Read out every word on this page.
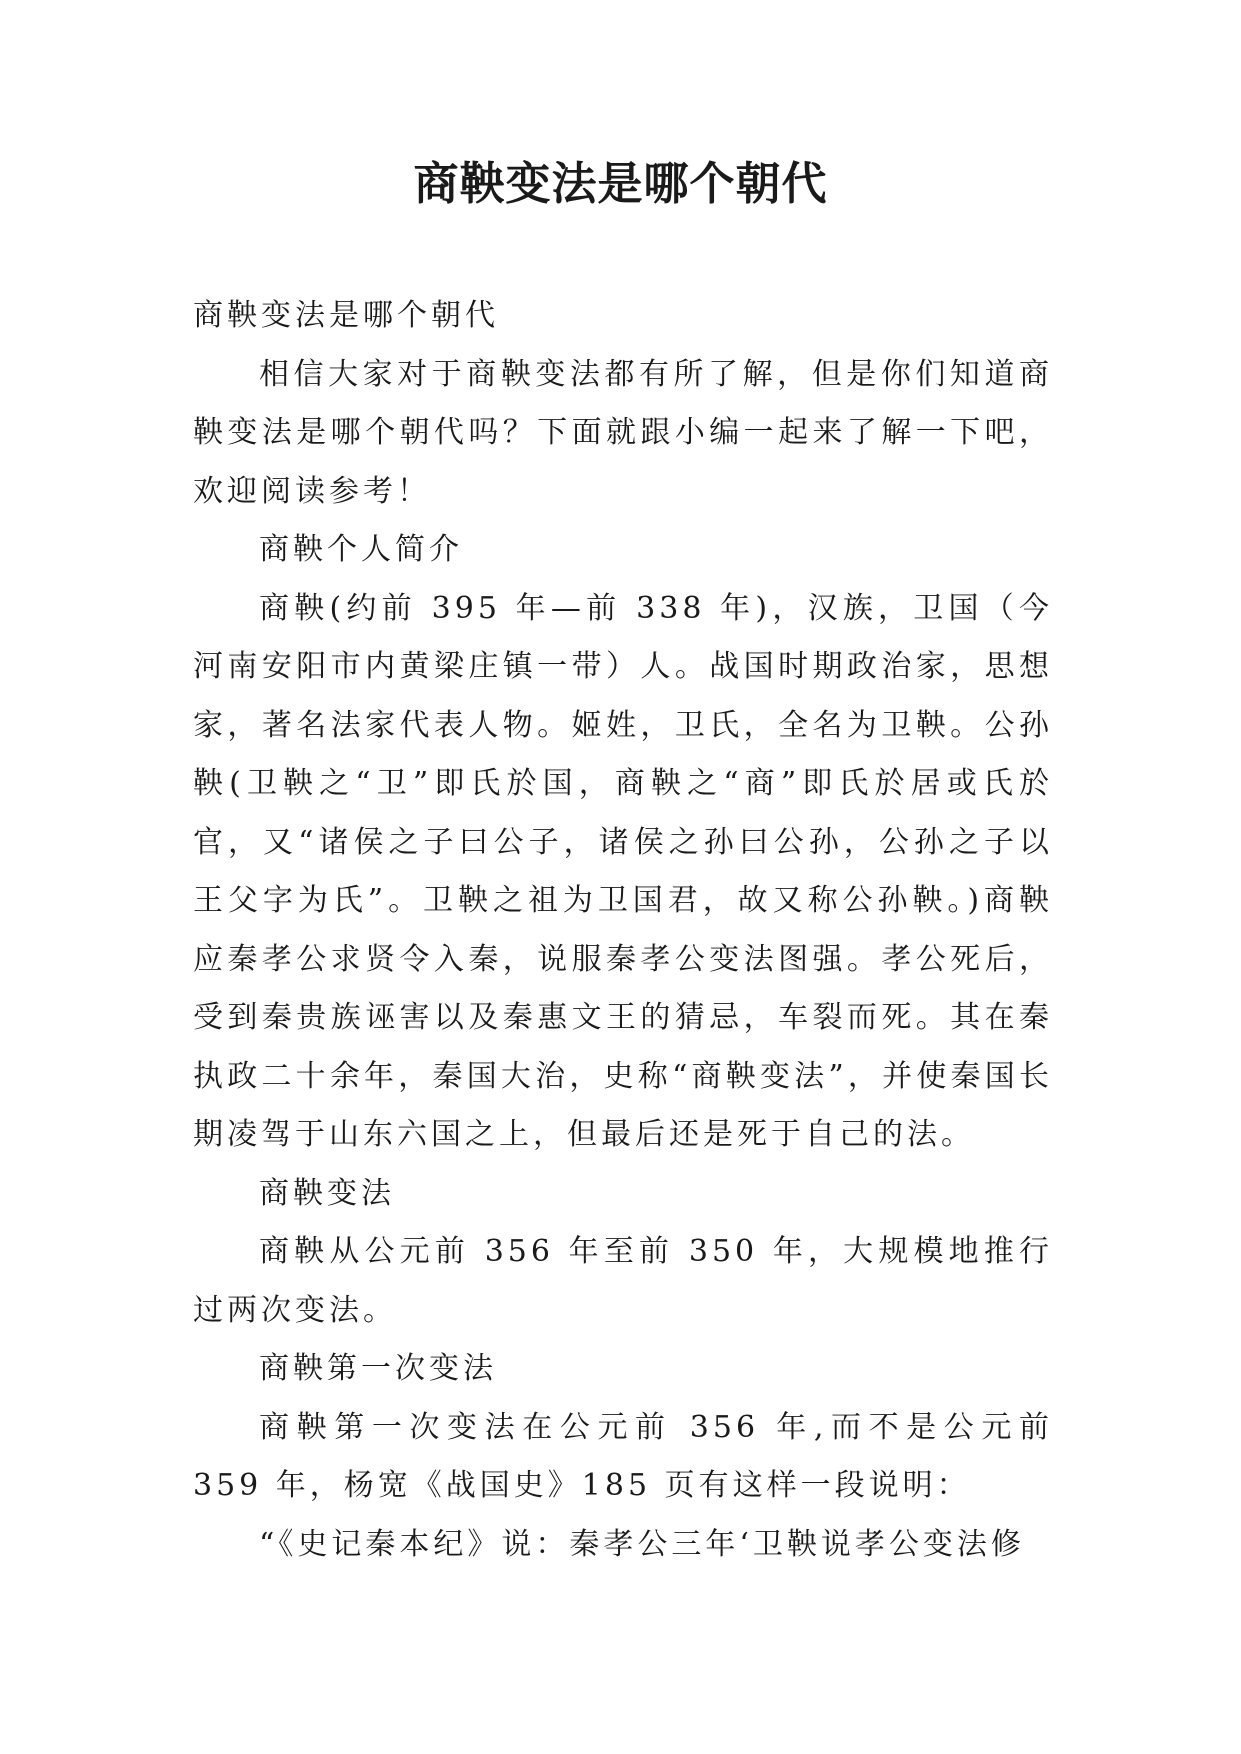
商鞅变法是哪个朝代

商鞅变法是哪个朝代

相信大家对于商鞅变法都有所了解，但是你们知道商鞅变法是哪个朝代吗？下面就跟小编一起来了解一下吧，欢迎阅读参考！

商鞅个人简介

商鞅(约前 395 年—前 338 年)，汉族，卫国（今河南安阳市内黄梁庄镇一带）人。战国时期政治家，思想家，著名法家代表人物。姬姓，卫氏，全名为卫鞅。公孙鞅(卫鞅之“卫”即氏於国，商鞅之“商”即氏於居或氏於官，又“诸侯之子曰公子，诸侯之孙曰公孙，公孙之子以王父字为氏”。卫鞅之祖为卫国君，故又称公孙鞅。)商鞅应秦孝公求贤令入秦，说服秦孝公变法图强。孝公死后，受到秦贵族诬害以及秦惠文王的猜忌，车裂而死。其在秦执政二十余年，秦国大治，史称“商鞅变法”，并使秦国长期凌驾于山东六国之上，但最后还是死于自己的法。

商鞅变法

商鞅从公元前 356 年至前 350 年，大规模地推行过两次变法。

商鞅第一次变法

商鞅第一次变法在公元前 356 年,而不是公元前 359 年，杨宽《战国史》185 页有这样一段说明：

“《史记秦本纪》说：秦孝公三年‘卫鞅说孝公变法修
